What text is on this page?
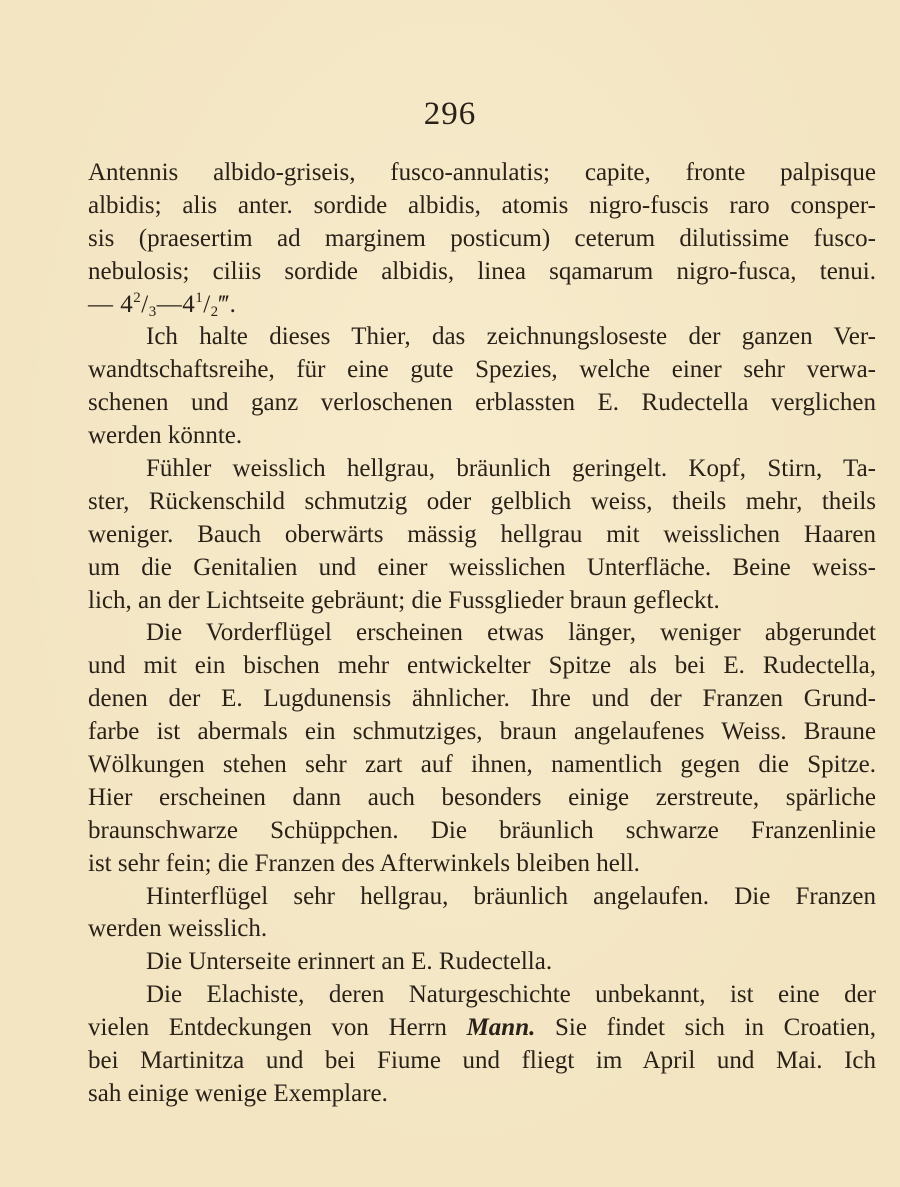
296
Antennis albido-griseis, fusco-annulatis; capite, fronte palpisque
albidis; alis anter. sordide albidis, atomis nigro-fuscis raro consper-
sis (praesertim ad marginem posticum) ceterum dilutissime fusco-
nebulosis; ciliis sordide albidis, linea sqamarum nigro-fusca, tenui.
— $4^2/_3—4^1/_2‴$.
Ich halte dieses Thier, das zeichnungsloseste der ganzen Ver-
wandtschaftsreihe, für eine gute Spezies, welche einer sehr verwa-
schenen und ganz verloschenen erblassten E. Rudectella verglichen
werden könnte.
Fühler weisslich hellgrau, bräunlich geringelt. Kopf, Stirn, Ta-
ster, Rückenschild schmutzig oder gelblich weiss, theils mehr, theils
weniger. Bauch oberwärts mässig hellgrau mit weisslichen Haaren
um die Genitalien und einer weisslichen Unterfläche. Beine weiss-
lich, an der Lichtseite gebräunt; die Fussglieder braun gefleckt.
Die Vorderflügel erscheinen etwas länger, weniger abgerundet
und mit ein bischen mehr entwickelter Spitze als bei E. Rudectella,
denen der E. Lugdunensis ähnlicher. Ihre und der Franzen Grund-
farbe ist abermals ein schmutziges, braun angelaufenes Weiss. Braune
Wölkungen stehen sehr zart auf ihnen, namentlich gegen die Spitze.
Hier erscheinen dann auch besonders einige zerstreute, spärliche
braunschwarze Schüppchen. Die bräunlich schwarze Franzenlinie
ist sehr fein; die Franzen des Afterwinkels bleiben hell.
Hinterflügel sehr hellgrau, bräunlich angelaufen. Die Franzen
werden weisslich.
Die Unterseite erinnert an E. Rudectella.
Die Elachiste, deren Naturgeschichte unbekannt, ist eine der
vielen Entdeckungen von Herrn Mann. Sie findet sich in Croatien,
bei Martinitza und bei Fiume und fliegt im April und Mai. Ich
sah einige wenige Exemplare.
